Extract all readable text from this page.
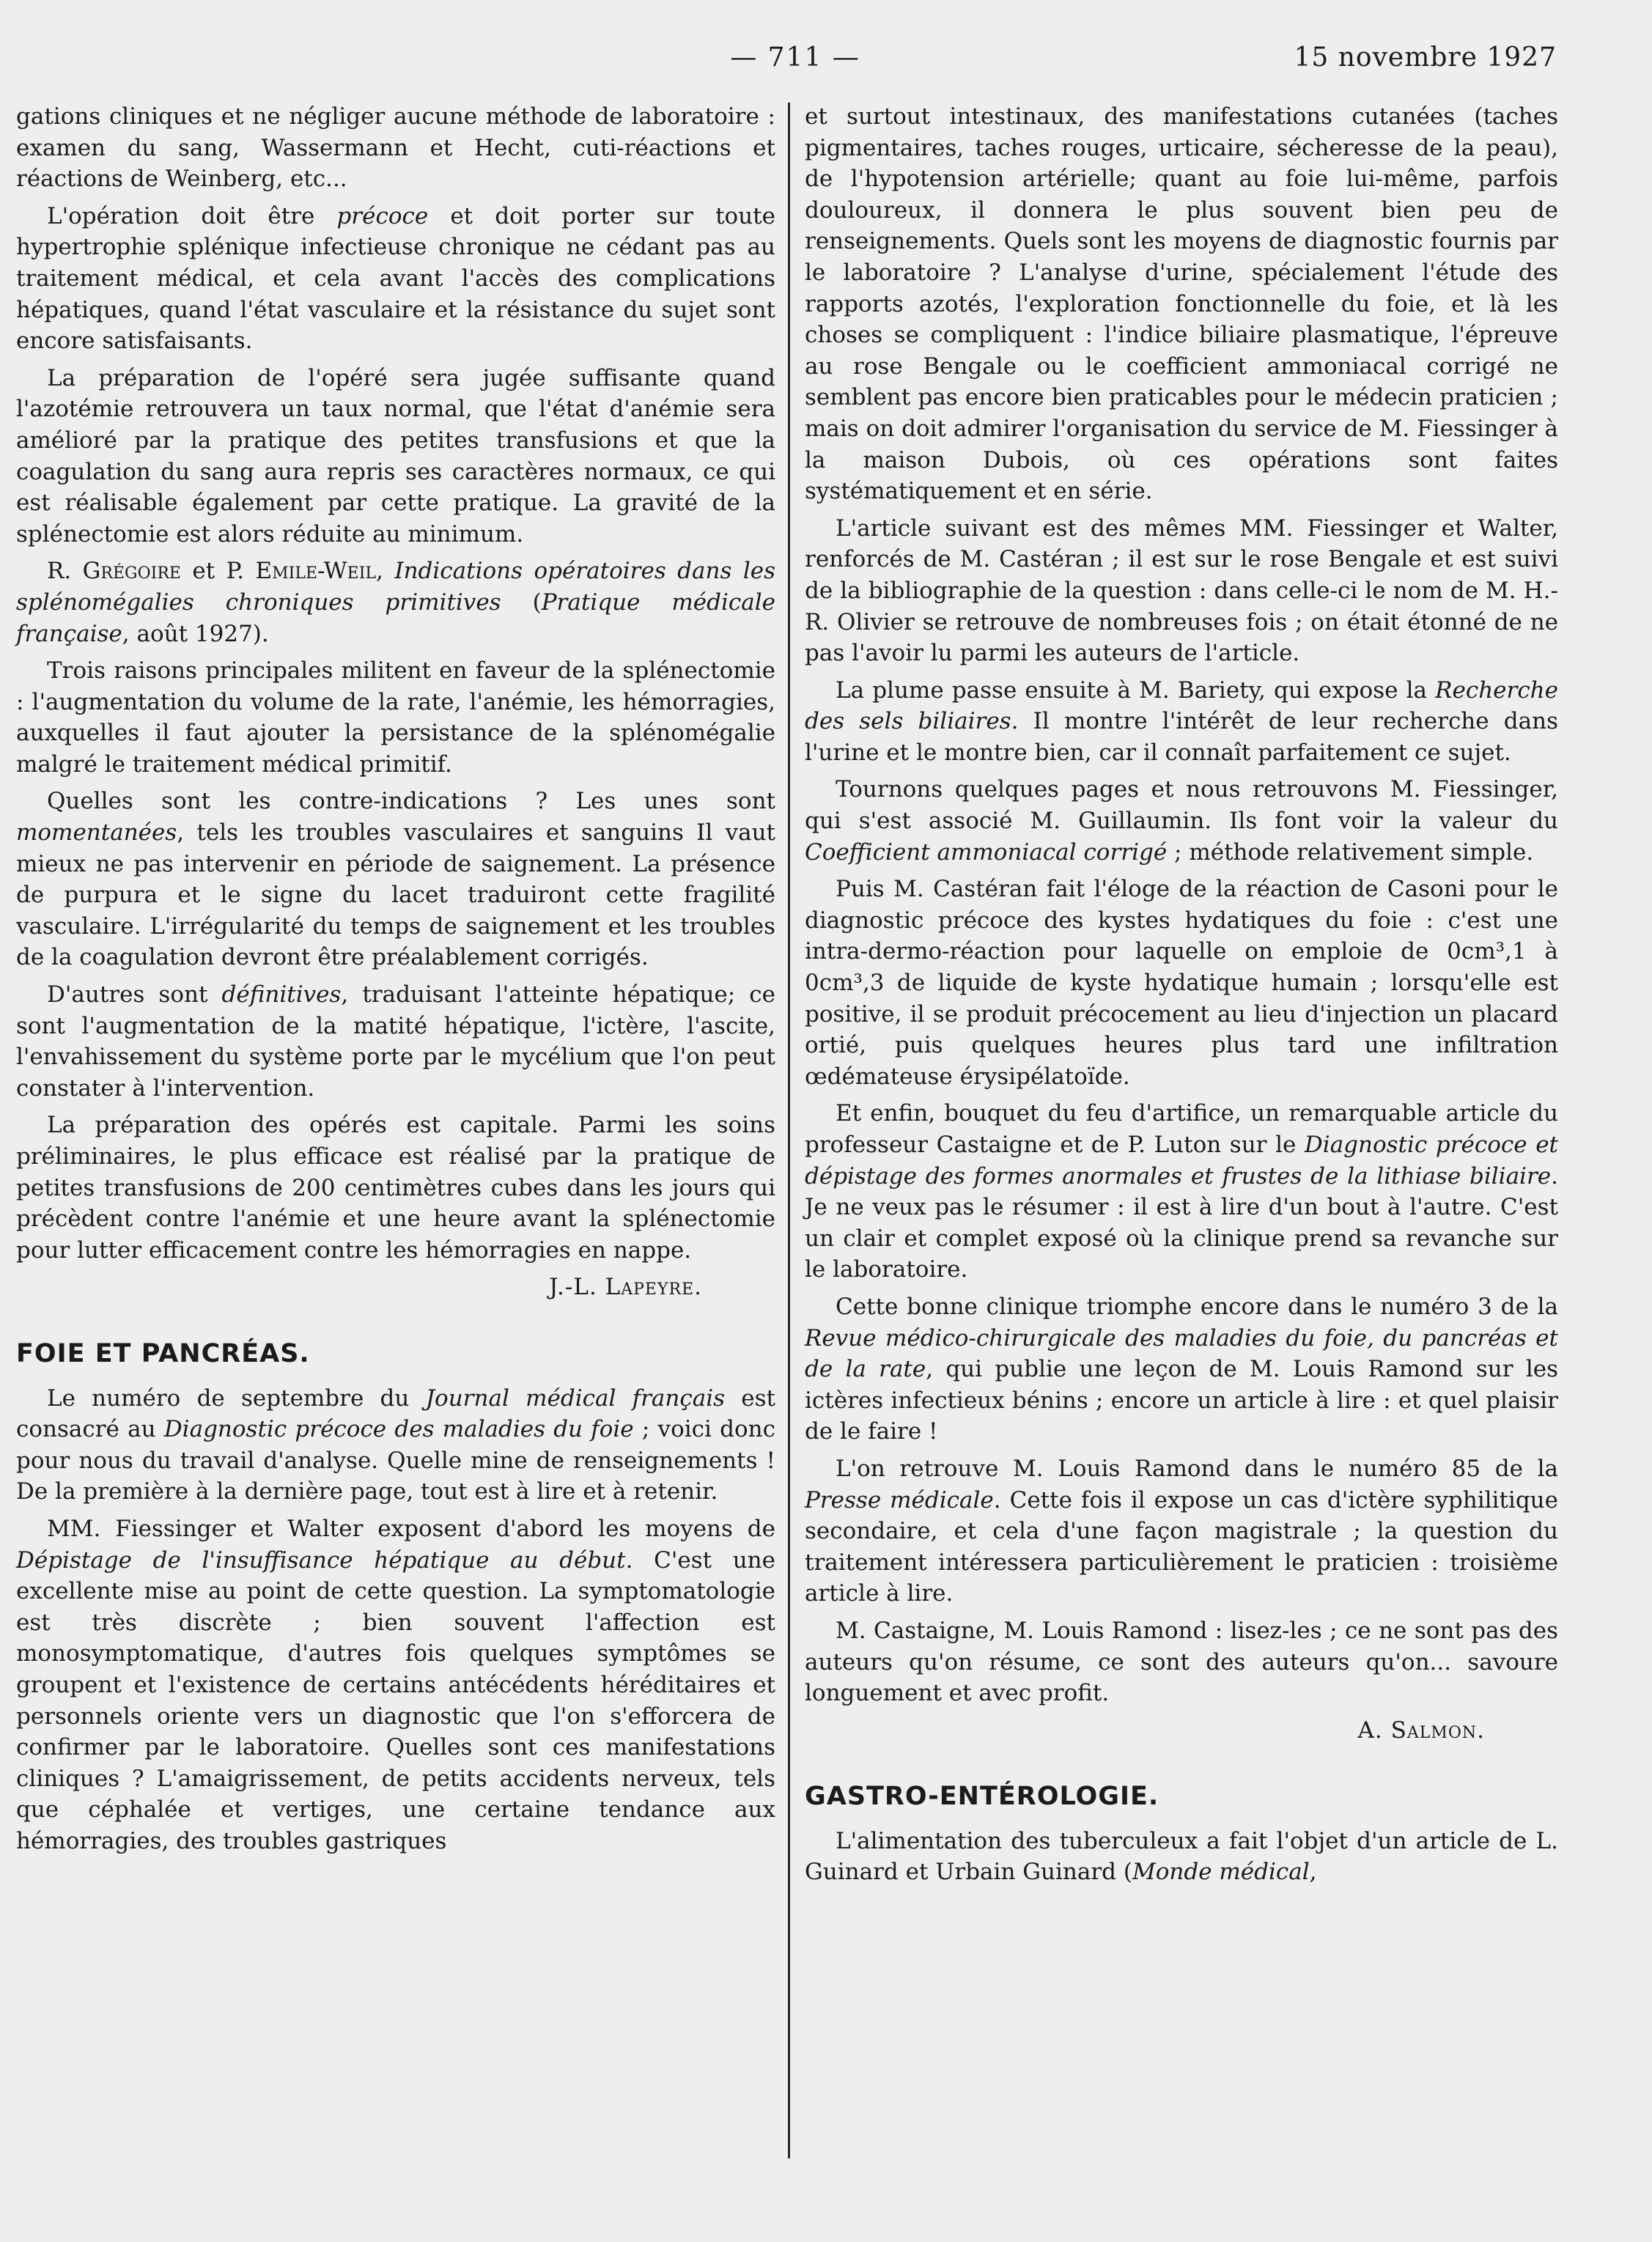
— 711 —	15 novembre 1927

gations cliniques et ne négliger aucune méthode de laboratoire : examen du sang, Wassermann et Hecht, cuti-réactions et réactions de Weinberg, etc...

L'opération doit être précoce et doit porter sur toute hypertrophie splénique infectieuse chronique ne cédant pas au traitement médical, et cela avant l'accès des complications hépatiques, quand l'état vasculaire et la résistance du sujet sont encore satisfaisants.

La préparation de l'opéré sera jugée suffisante quand l'azotémie retrouvera un taux normal, que l'état d'anémie sera amélioré par la pratique des petites transfusions et que la coagulation du sang aura repris ses caractères normaux, ce qui est réalisable également par cette pratique. La gravité de la splénectomie est alors réduite au minimum.

R. Grégoire et P. Emile-Weil, Indications opératoires dans les splénomégalies chroniques primitives (Pratique médicale française, août 1927).

Trois raisons principales militent en faveur de la splénectomie : l'augmentation du volume de la rate, l'anémie, les hémorragies, auxquelles il faut ajouter la persistance de la splénomégalie malgré le traitement médical primitif.

Quelles sont les contre-indications ? Les unes sont momentanées, tels les troubles vasculaires et sanguins Il vaut mieux ne pas intervenir en période de saignement. La présence de purpura et le signe du lacet traduiront cette fragilité vasculaire. L'irrégularité du temps de saignement et les troubles de la coagulation devront être préalablement corrigés.

D'autres sont définitives, traduisant l'atteinte hépatique; ce sont l'augmentation de la matité hépatique, l'ictère, l'ascite, l'envahissement du système porte par le mycélium que l'on peut constater à l'intervention.

La préparation des opérés est capitale. Parmi les soins préliminaires, le plus efficace est réalisé par la pratique de petites transfusions de 200 centimètres cubes dans les jours qui précèdent contre l'anémie et une heure avant la splénectomie pour lutter efficacement contre les hémorragies en nappe.

J.-L. Lapeyre.
FOIE ET PANCRÉAS.

Le numéro de septembre du Journal médical français est consacré au Diagnostic précoce des maladies du foie ; voici donc pour nous du travail d'analyse. Quelle mine de renseignements ! De la première à la dernière page, tout est à lire et à retenir.

MM. Fiessinger et Walter exposent d'abord les moyens de Dépistage de l'insuffisance hépatique au début. C'est une excellente mise au point de cette question. La symptomatologie est très discrète ; bien souvent l'affection est monosymptomatique, d'autres fois quelques symptômes se groupent et l'existence de certains antécédents héréditaires et personnels oriente vers un diagnostic que l'on s'efforcera de confirmer par le laboratoire. Quelles sont ces manifestations cliniques ? L'amaigrissement, de petits accidents nerveux, tels que céphalée et vertiges, une certaine tendance aux hémorragies, des troubles gastriques

et surtout intestinaux, des manifestations cutanées (taches pigmentaires, taches rouges, urticaire, sécheresse de la peau), de l'hypotension artérielle; quant au foie lui-même, parfois douloureux, il donnera le plus souvent bien peu de renseignements. Quels sont les moyens de diagnostic fournis par le laboratoire ? L'analyse d'urine, spécialement l'étude des rapports azotés, l'exploration fonctionnelle du foie, et là les choses se compliquent : l'indice biliaire plasmatique, l'épreuve au rose Bengale ou le coefficient ammoniacal corrigé ne semblent pas encore bien praticables pour le médecin praticien ; mais on doit admirer l'organisation du service de M. Fiessinger à la maison Dubois, où ces opérations sont faites systématiquement et en série.

L'article suivant est des mêmes MM. Fiessinger et Walter, renforcés de M. Castéran ; il est sur le rose Bengale et est suivi de la bibliographie de la question : dans celle-ci le nom de M. H.-R. Olivier se retrouve de nombreuses fois ; on était étonné de ne pas l'avoir lu parmi les auteurs de l'article.

La plume passe ensuite à M. Bariety, qui expose la Recherche des sels biliaires. Il montre l'intérêt de leur recherche dans l'urine et le montre bien, car il connaît parfaitement ce sujet.

Tournons quelques pages et nous retrouvons M. Fiessinger, qui s'est associé M. Guillaumin. Ils font voir la valeur du Coefficient ammoniacal corrigé ; méthode relativement simple.

Puis M. Castéran fait l'éloge de la réaction de Casoni pour le diagnostic précoce des kystes hydatiques du foie : c'est une intra-dermo-réaction pour laquelle on emploie de 0cm³,1 à 0cm³,3 de liquide de kyste hydatique humain ; lorsqu'elle est positive, il se produit précocement au lieu d'injection un placard ortié, puis quelques heures plus tard une infiltration œdémateuse érysipélatoïde.

Et enfin, bouquet du feu d'artifice, un remarquable article du professeur Castaigne et de P. Luton sur le Diagnostic précoce et dépistage des formes anormales et frustes de la lithiase biliaire. Je ne veux pas le résumer : il est à lire d'un bout à l'autre. C'est un clair et complet exposé où la clinique prend sa revanche sur le laboratoire.

Cette bonne clinique triomphe encore dans le numéro 3 de la Revue médico-chirurgicale des maladies du foie, du pancréas et de la rate, qui publie une leçon de M. Louis Ramond sur les ictères infectieux bénins ; encore un article à lire : et quel plaisir de le faire !

L'on retrouve M. Louis Ramond dans le numéro 85 de la Presse médicale. Cette fois il expose un cas d'ictère syphilitique secondaire, et cela d'une façon magistrale ; la question du traitement intéressera particulièrement le praticien : troisième article à lire.

M. Castaigne, M. Louis Ramond : lisez-les ; ce ne sont pas des auteurs qu'on résume, ce sont des auteurs qu'on... savoure longuement et avec profit.

A. Salmon.
GASTRO-ENTÉROLOGIE.

L'alimentation des tuberculeux a fait l'objet d'un article de L. Guinard et Urbain Guinard (Monde médical,
